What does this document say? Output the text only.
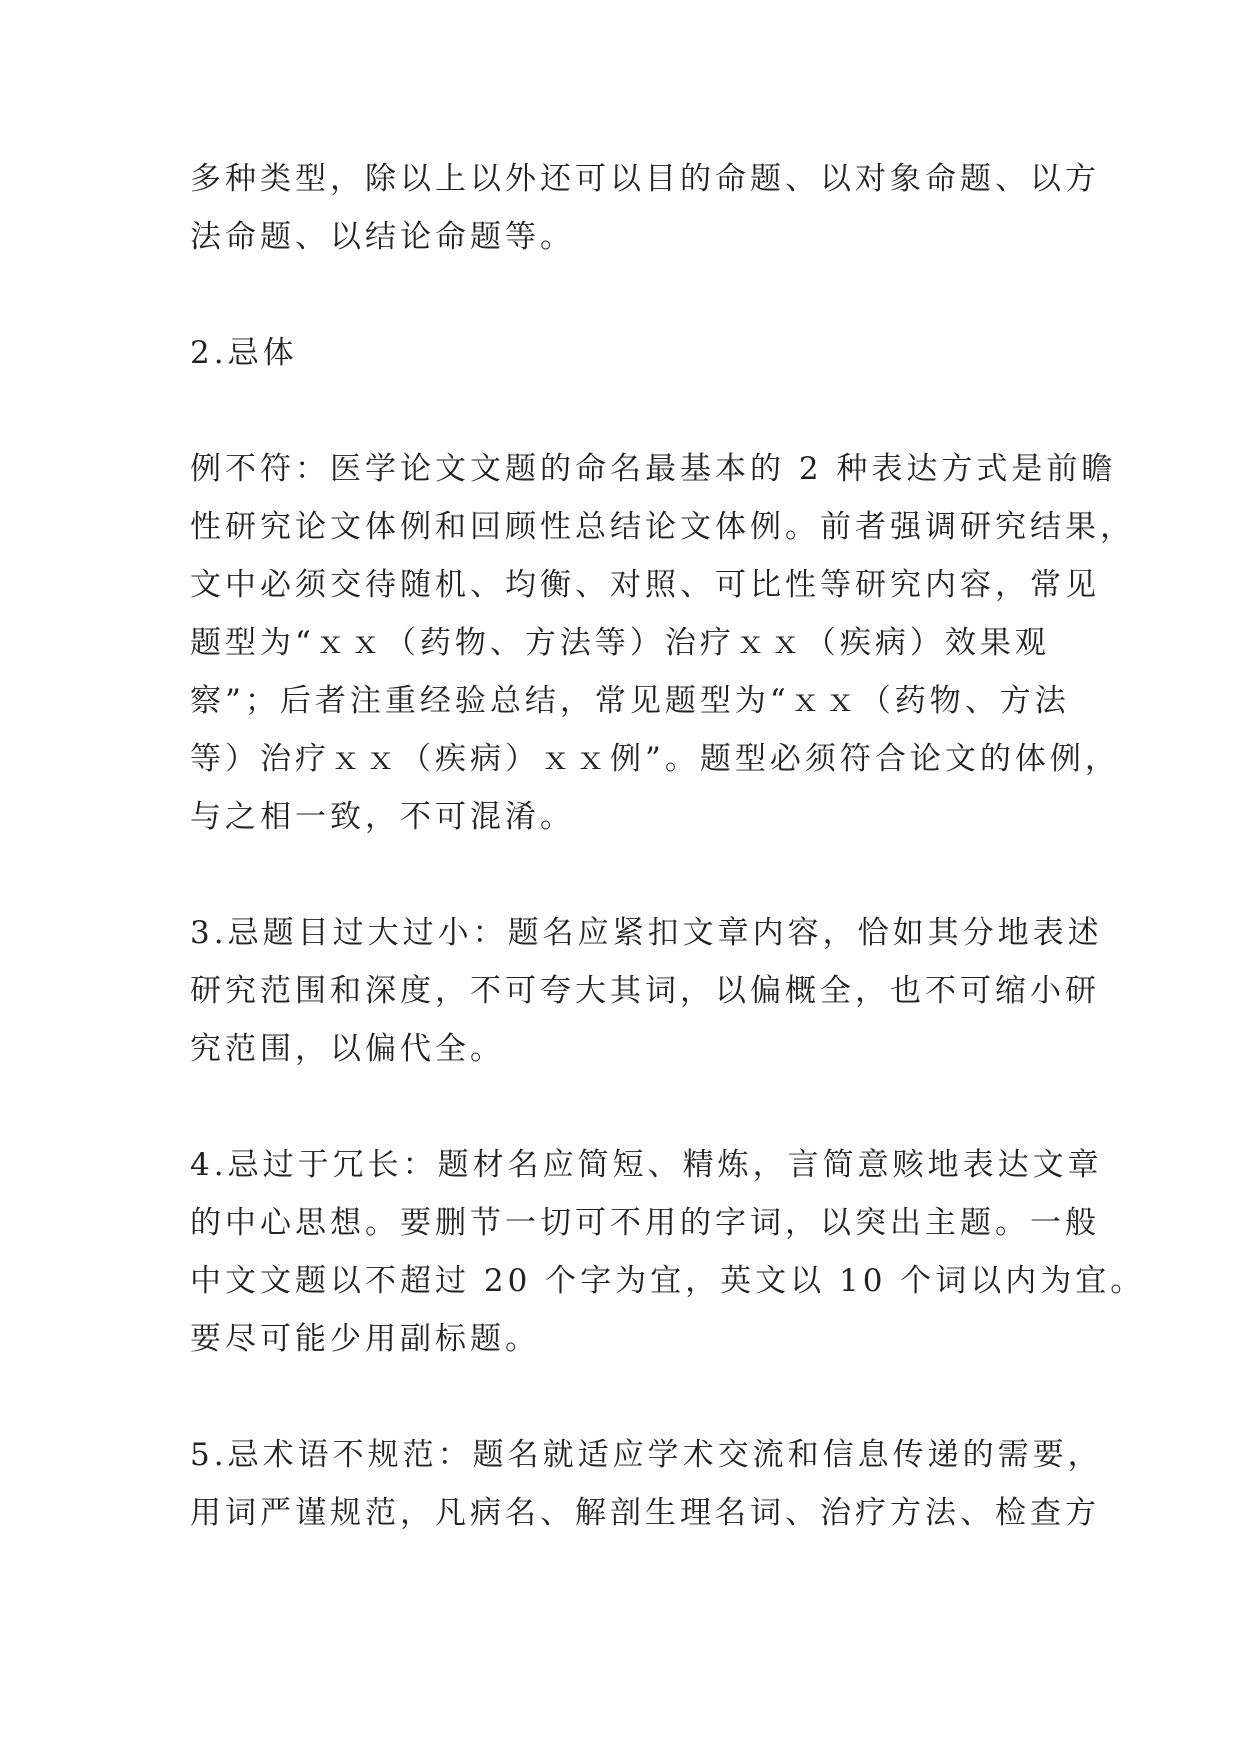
多种类型，除以上以外还可以目的命题、以对象命题、以方
法命题、以结论命题等。
2.忌体
例不符：医学论文文题的命名最基本的 2 种表达方式是前瞻
性研究论文体例和回顾性总结论文体例。前者强调研究结果，
文中必须交待随机、均衡、对照、可比性等研究内容，常见
题型为“ｘｘ（药物、方法等）治疗ｘｘ（疾病）效果观
察”；后者注重经验总结，常见题型为“ｘｘ（药物、方法
等）治疗ｘｘ（疾病）ｘｘ例”。题型必须符合论文的体例，
与之相一致，不可混淆。
3.忌题目过大过小：题名应紧扣文章内容，恰如其分地表述
研究范围和深度，不可夸大其词，以偏概全，也不可缩小研
究范围，以偏代全。
4.忌过于冗长：题材名应简短、精炼，言简意赅地表达文章
的中心思想。要删节一切可不用的字词，以突出主题。一般
中文文题以不超过 20 个字为宜，英文以 10 个词以内为宜。
要尽可能少用副标题。
5.忌术语不规范：题名就适应学术交流和信息传递的需要，
用词严谨规范，凡病名、解剖生理名词、治疗方法、检查方
